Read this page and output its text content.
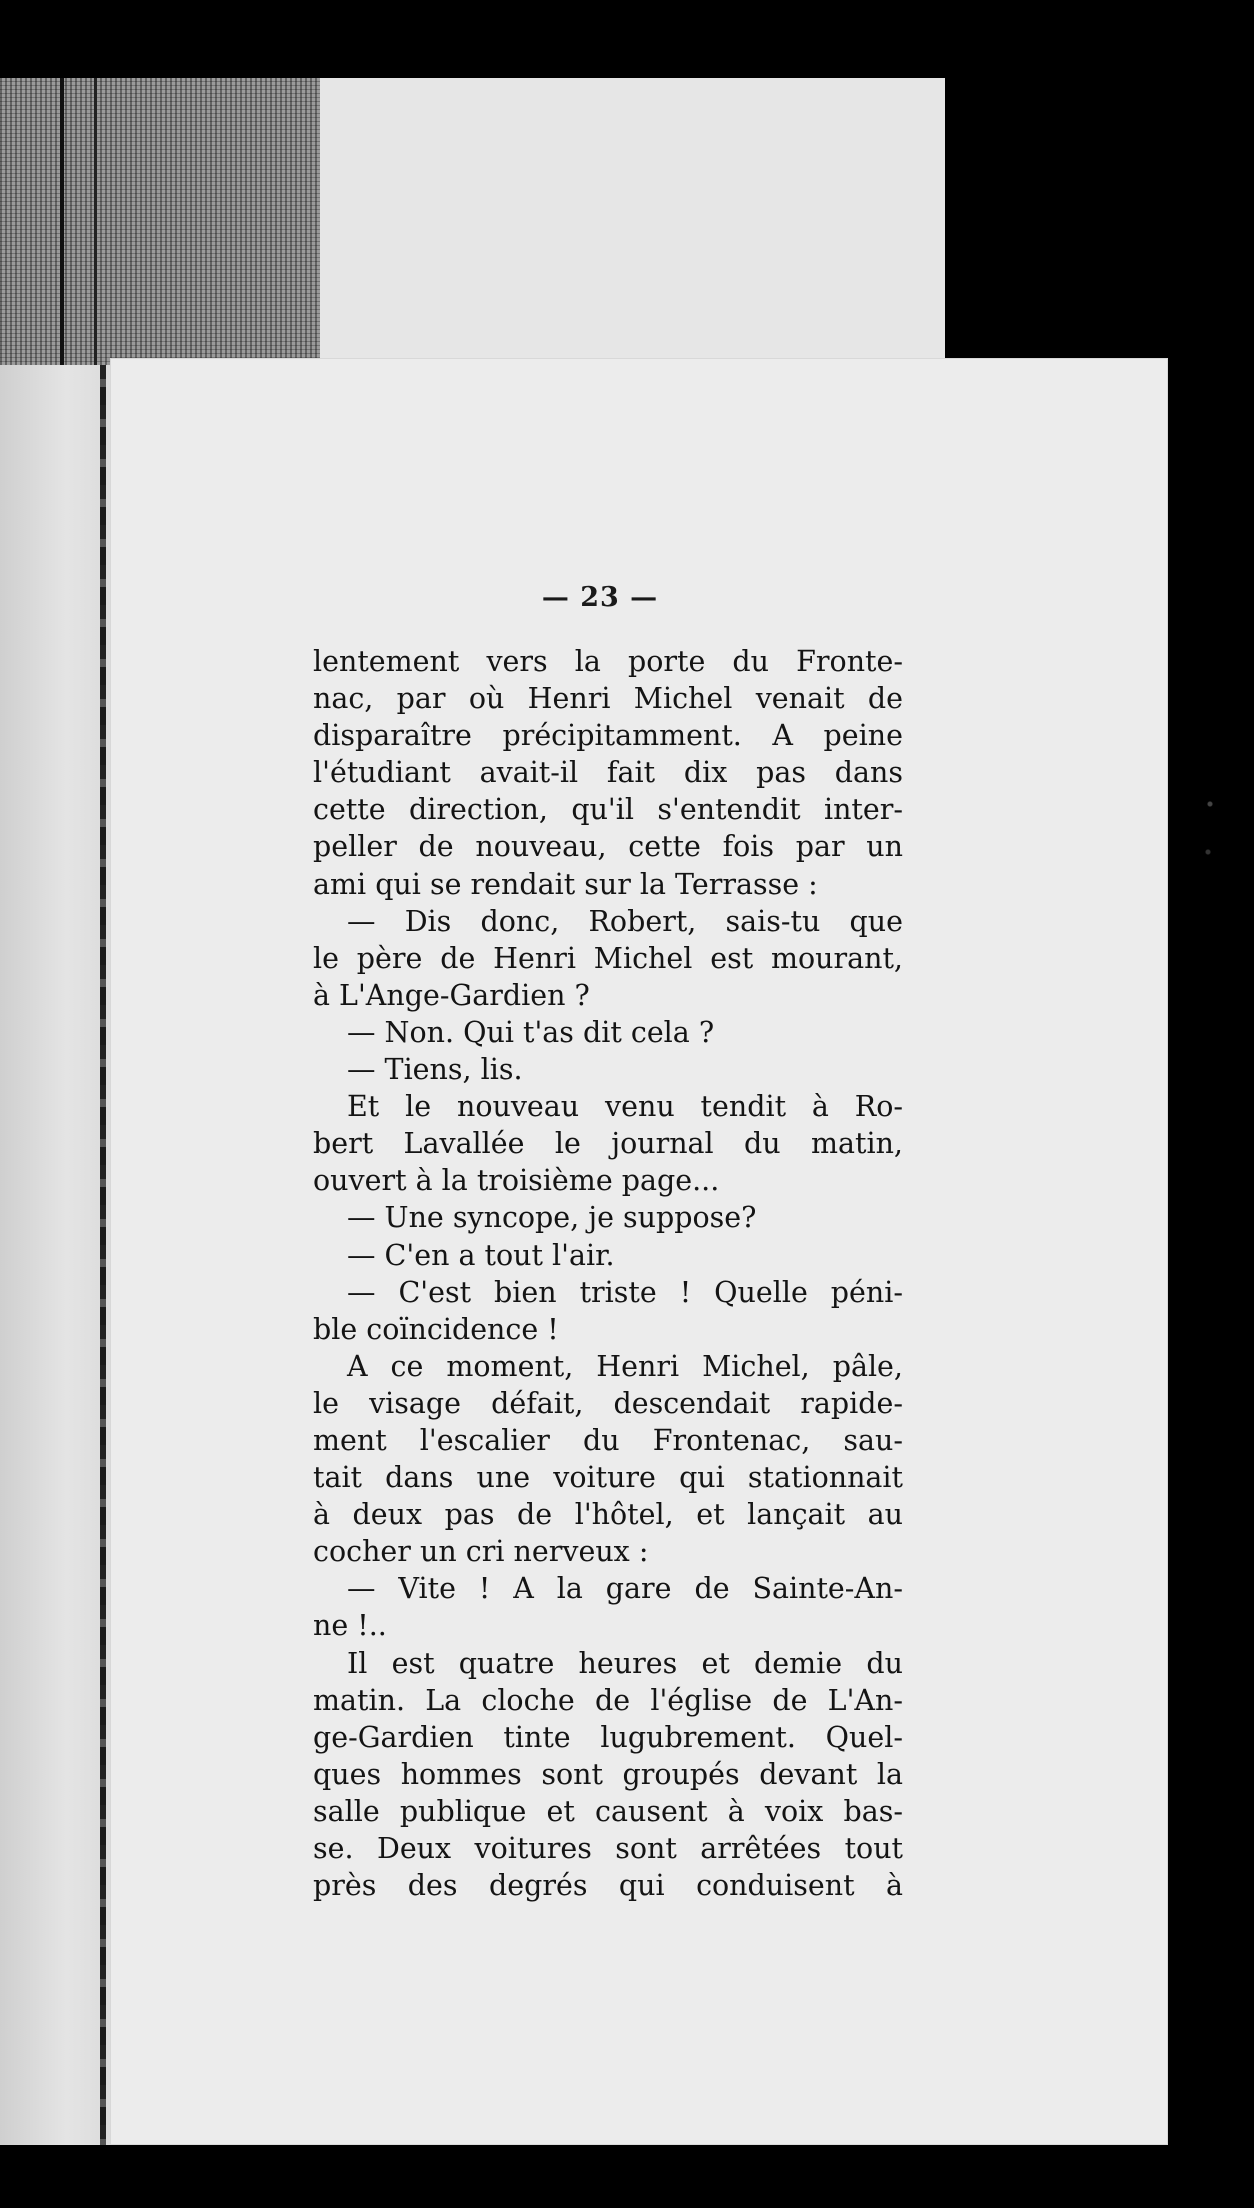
— 23 —
lentement vers la porte du Fronte-
nac, par où Henri Michel venait de
disparaître précipitamment. A peine
l'étudiant avait-il fait dix pas dans
cette direction, qu'il s'entendit inter-
peller de nouveau, cette fois par un
ami qui se rendait sur la Terrasse :
— Dis donc, Robert, sais-tu que
le père de Henri Michel est mourant,
à L'Ange-Gardien ?
— Non. Qui t'as dit cela ?
— Tiens, lis.
Et le nouveau venu tendit à Ro-
bert Lavallée le journal du matin,
ouvert à la troisième page...
— Une syncope, je suppose?
— C'en a tout l'air.
— C'est bien triste ! Quelle péni-
ble coïncidence !
A ce moment, Henri Michel, pâle,
le visage défait, descendait rapide-
ment l'escalier du Frontenac, sau-
tait dans une voiture qui stationnait
à deux pas de l'hôtel, et lançait au
cocher un cri nerveux :
— Vite ! A la gare de Sainte-An-
ne !..
Il est quatre heures et demie du
matin. La cloche de l'église de L'An-
ge-Gardien tinte lugubrement. Quel-
ques hommes sont groupés devant la
salle publique et causent à voix bas-
se. Deux voitures sont arrêtées tout
près des degrés qui conduisent à
